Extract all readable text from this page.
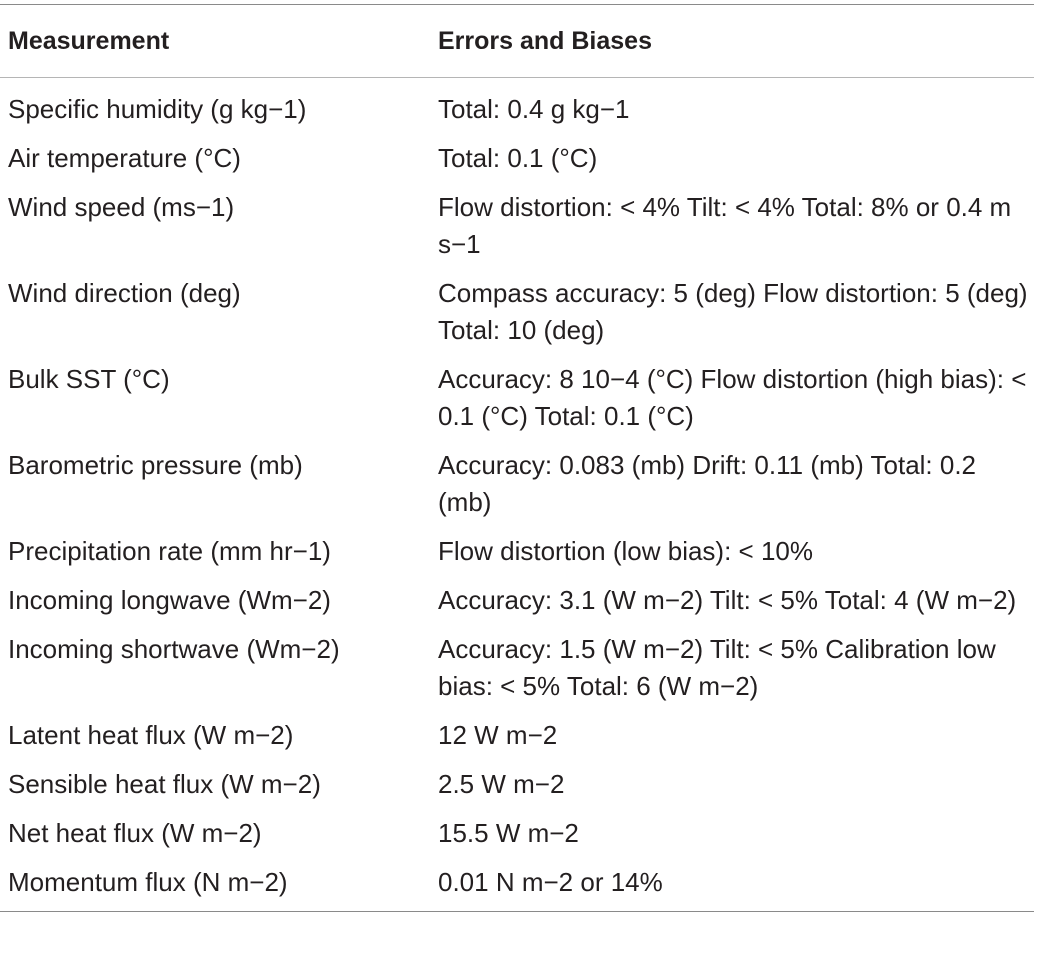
Measurement	Errors and Biases
Specific humidity (g kg−1)	Total: 0.4 g kg−1
Air temperature (°C)	Total: 0.1 (°C)
Wind speed (ms−1)	Flow distortion: < 4% Tilt: < 4% Total: 8% or 0.4 m s−1
Wind direction (deg)	Compass accuracy: 5 (deg) Flow distortion: 5 (deg) Total: 10 (deg)
Bulk SST (°C)	Accuracy: 8 10−4 (°C) Flow distortion (high bias): < 0.1 (°C) Total: 0.1 (°C)
Barometric pressure (mb)	Accuracy: 0.083 (mb) Drift: 0.11 (mb) Total: 0.2 (mb)
Precipitation rate (mm hr−1)	Flow distortion (low bias): < 10%
Incoming longwave (Wm−2)	Accuracy: 3.1 (W m−2) Tilt: < 5% Total: 4 (W m−2)
Incoming shortwave (Wm−2)	Accuracy: 1.5 (W m−2) Tilt: < 5% Calibration low bias: < 5% Total: 6 (W m−2)
Latent heat flux (W m−2)	12 W m−2
Sensible heat flux (W m−2)	2.5 W m−2
Net heat flux (W m−2)	15.5 W m−2
Momentum flux (N m−2)	0.01 N m−2 or 14%
